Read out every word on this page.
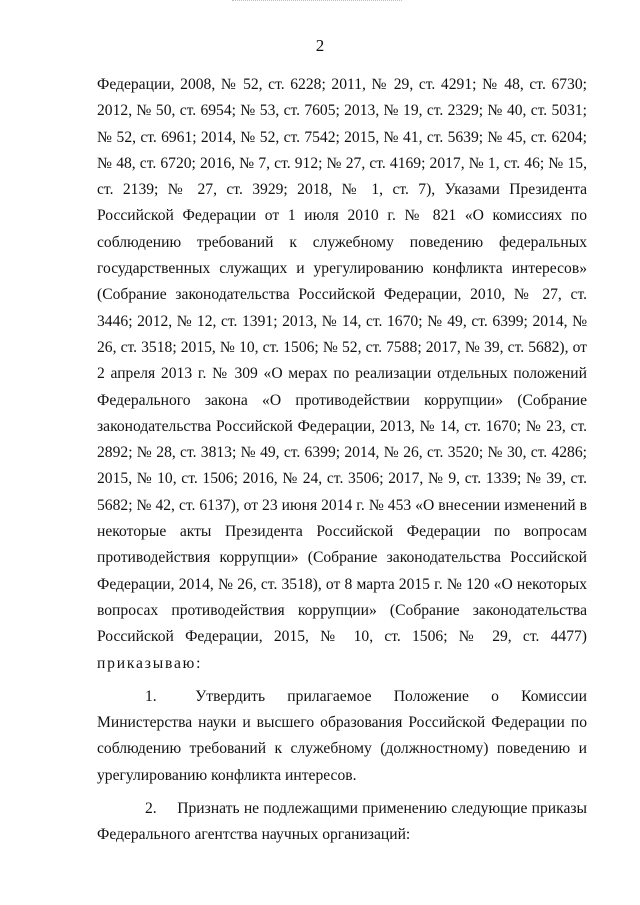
2

Федерации, 2008, № 52, ст. 6228; 2011, № 29, ст. 4291; № 48, ст. 6730; 2012, № 50, ст. 6954; № 53, ст. 7605; 2013, № 19, ст. 2329; № 40, ст. 5031; № 52, ст. 6961; 2014, № 52, ст. 7542; 2015, № 41, ст. 5639; № 45, ст. 6204; № 48, ст. 6720; 2016, № 7, ст. 912; № 27, ст. 4169; 2017, № 1, ст. 46; № 15, ст. 2139; № 27, ст. 3929; 2018, № 1, ст. 7), Указами Президента Российской Федерации от 1 июля 2010 г. № 821 «О комиссиях по соблюдению требований к служебному поведению федеральных государственных служащих и урегулированию конфликта интересов» (Собрание законодательства Российской Федерации, 2010, № 27, ст. 3446; 2012, № 12, ст. 1391; 2013, № 14, ст. 1670; № 49, ст. 6399; 2014, № 26, ст. 3518; 2015, № 10, ст. 1506; № 52, ст. 7588; 2017, № 39, ст. 5682), от 2 апреля 2013 г. № 309 «О мерах по реализации отдельных положений Федерального закона «О противодействии коррупции» (Собрание законодательства Российской Федерации, 2013, № 14, ст. 1670; № 23, ст. 2892; № 28, ст. 3813; № 49, ст. 6399; 2014, № 26, ст. 3520; № 30, ст. 4286; 2015, № 10, ст. 1506; 2016, № 24, ст. 3506; 2017, № 9, ст. 1339; № 39, ст. 5682; № 42, ст. 6137), от 23 июня 2014 г. № 453 «О внесении изменений в некоторые акты Президента Российской Федерации по вопросам противодействия коррупции» (Собрание законодательства Российской Федерации, 2014, № 26, ст. 3518), от 8 марта 2015 г. № 120 «О некоторых вопросах противодействия коррупции» (Собрание законодательства Российской Федерации, 2015, № 10, ст. 1506; № 29, ст. 4477) приказываю:

1. Утвердить прилагаемое Положение о Комиссии Министерства науки и высшего образования Российской Федерации по соблюдению требований к служебному (должностному) поведению и урегулированию конфликта интересов.

2. Признать не подлежащими применению следующие приказы Федерального агентства научных организаций:
